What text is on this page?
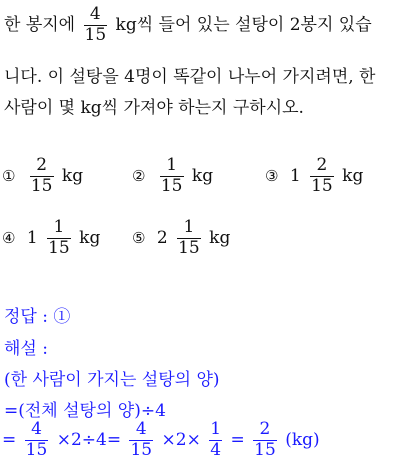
한 봉지에 $\frac{4}{15}$ kg씩 들어 있는 설탕이 2봉지 있습
니다. 이 설탕을 4명이 똑같이 나누어 가지려면, 한
사람이 몇 kg씩 가져야 하는지 구하시오.
① $\frac{2}{15}$ kg	② $\frac{1}{15}$ kg	③ $1 \frac{2}{15}$ kg
④ $1 \frac{1}{15}$ kg ⑤ $2 \frac{1}{15}$ kg
정답 : ①
해설 :
(한 사람이 가지는 설탕의 양)
=(전체 설탕의 양)÷4
= $\frac{4}{15} \times 2\div 4= \frac{4}{15} \times 2\times \frac{1}{4} = \frac{2}{15} (kg)$
